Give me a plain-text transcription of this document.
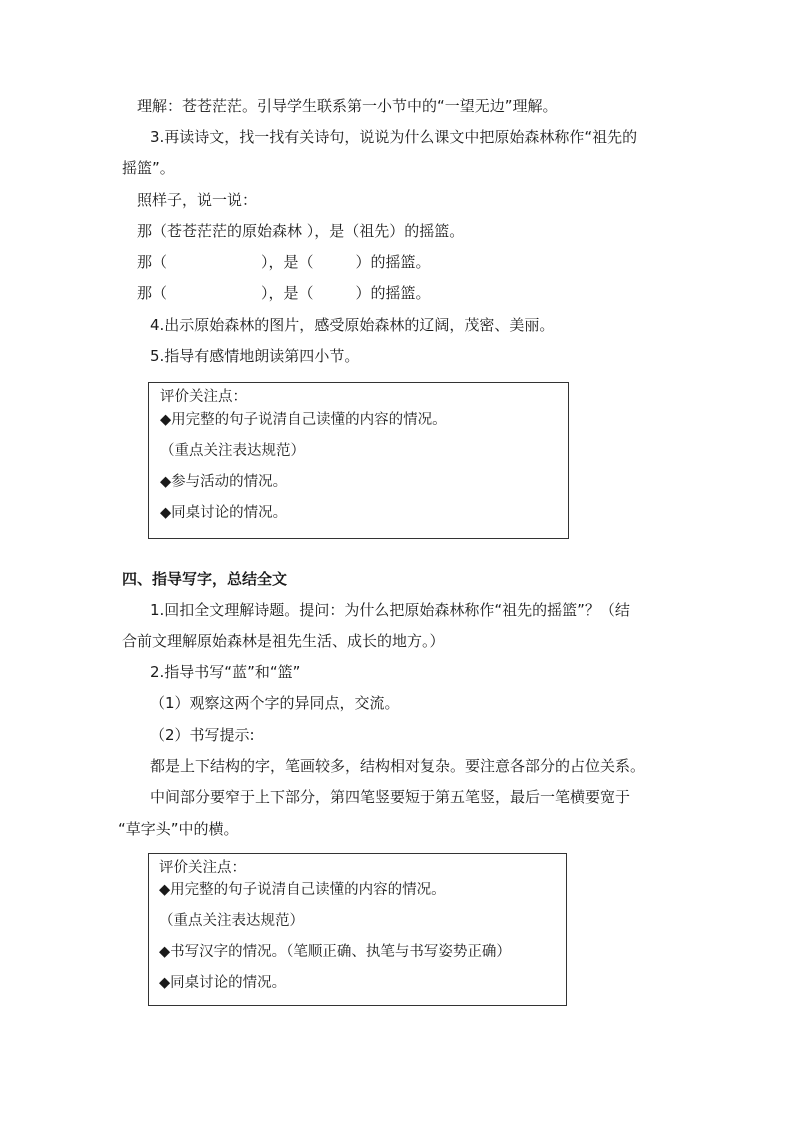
理解：苍苍茫茫。引导学生联系第一小节中的“一望无边”理解。
3.再读诗文，找一找有关诗句，说说为什么课文中把原始森林称作“祖先的
摇篮”。
照样子，说一说：
那（苍苍茫茫的原始森林 ），是（祖先）的摇篮。
那（	），是（	）的摇篮。
那（	），是（	）的摇篮。
4.出示原始森林的图片，感受原始森林的辽阔，茂密、美丽。
5.指导有感情地朗读第四小节。
评价关注点：
◆用完整的句子说清自己读懂的内容的情况。
（重点关注表达规范）
◆参与活动的情况。
◆同桌讨论的情况。
四、指导写字，总结全文
1.回扣全文理解诗题。提问：为什么把原始森林称作“祖先的摇篮”？（结
合前文理解原始森林是祖先生活、成长的地方。）
2.指导书写“蓝”和“篮”
（1）观察这两个字的异同点，交流。
（2）书写提示:
都是上下结构的字，笔画较多，结构相对复杂。要注意各部分的占位关系。
中间部分要窄于上下部分，第四笔竖要短于第五笔竖，最后一笔横要宽于
“草字头”中的横。
评价关注点：
◆用完整的句子说清自己读懂的内容的情况。
（重点关注表达规范）
◆书写汉字的情况。（笔顺正确、执笔与书写姿势正确）
◆同桌讨论的情况。
